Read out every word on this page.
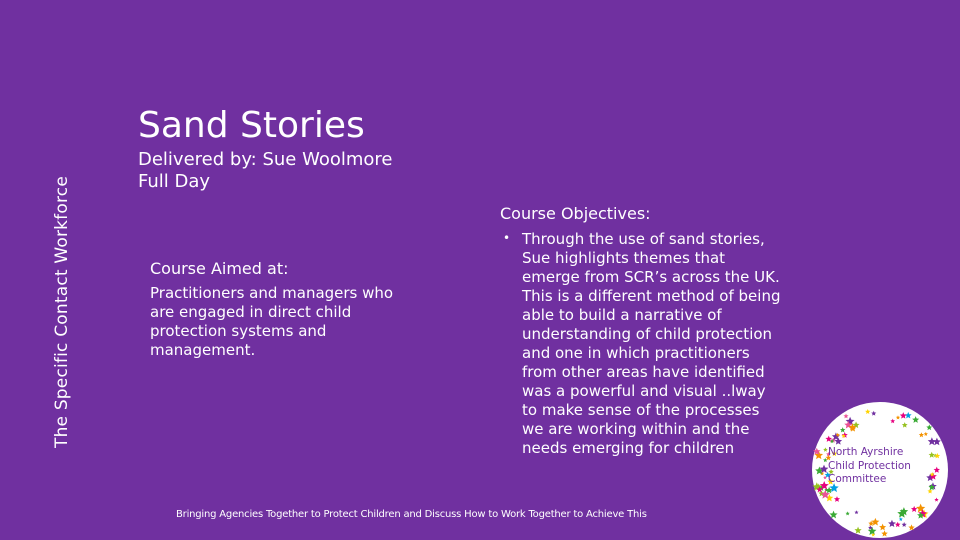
The Specific Contact Workforce
Sand Stories
Delivered by: Sue Woolmore
Full Day
Course Aimed at:
Practitioners and managers who are engaged in direct child protection systems and management.
Course Objectives:
• Through the use of sand stories, Sue highlights themes that emerge from SCR’s across the UK. This is a different method of being able to build a narrative of understanding of child protection and one in which practitioners from other areas have identified was a powerful and visual ..lway to make sense of the processes we are working within and the needs emerging for children
Bringing Agencies Together to Protect Children and Discuss How to Work Together to Achieve This
North Ayrshire
Child Protection
Committee
